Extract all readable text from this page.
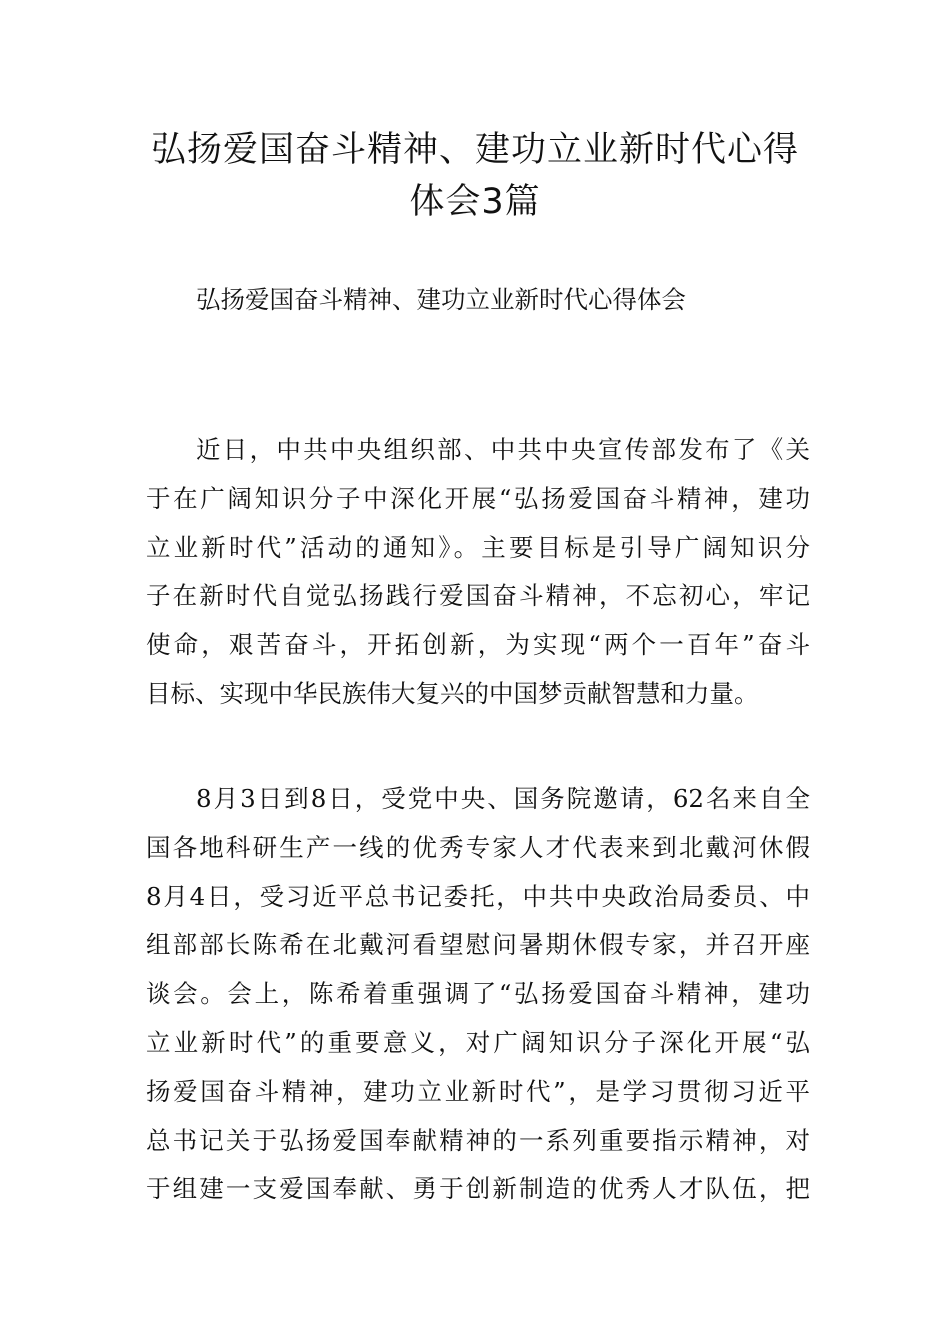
弘扬爱国奋斗精神、建功立业新时代心得
体会3篇

弘扬爱国奋斗精神、建功立业新时代心得体会

近日，中共中央组织部、中共中央宣传部发布了《关
于在广阔知识分子中深化开展“弘扬爱国奋斗精神，建功
立业新时代”活动的通知》。主要目标是引导广阔知识分
子在新时代自觉弘扬践行爱国奋斗精神，不忘初心，牢记
使命，艰苦奋斗，开拓创新，为实现“两个一百年”奋斗
目标、实现中华民族伟大复兴的中国梦贡献智慧和力量。
8月3日到8日，受党中央、国务院邀请，62名来自全
国各地科研生产一线的优秀专家人才代表来到北戴河休假
8月4日，受习近平总书记委托，中共中央政治局委员、中
组部部长陈希在北戴河看望慰问暑期休假专家，并召开座
谈会。会上，陈希着重强调了“弘扬爱国奋斗精神，建功
立业新时代”的重要意义，对广阔知识分子深化开展“弘
扬爱国奋斗精神，建功立业新时代”，是学习贯彻习近平
总书记关于弘扬爱国奉献精神的一系列重要指示精神，对
于组建一支爱国奉献、勇于创新制造的优秀人才队伍，把
